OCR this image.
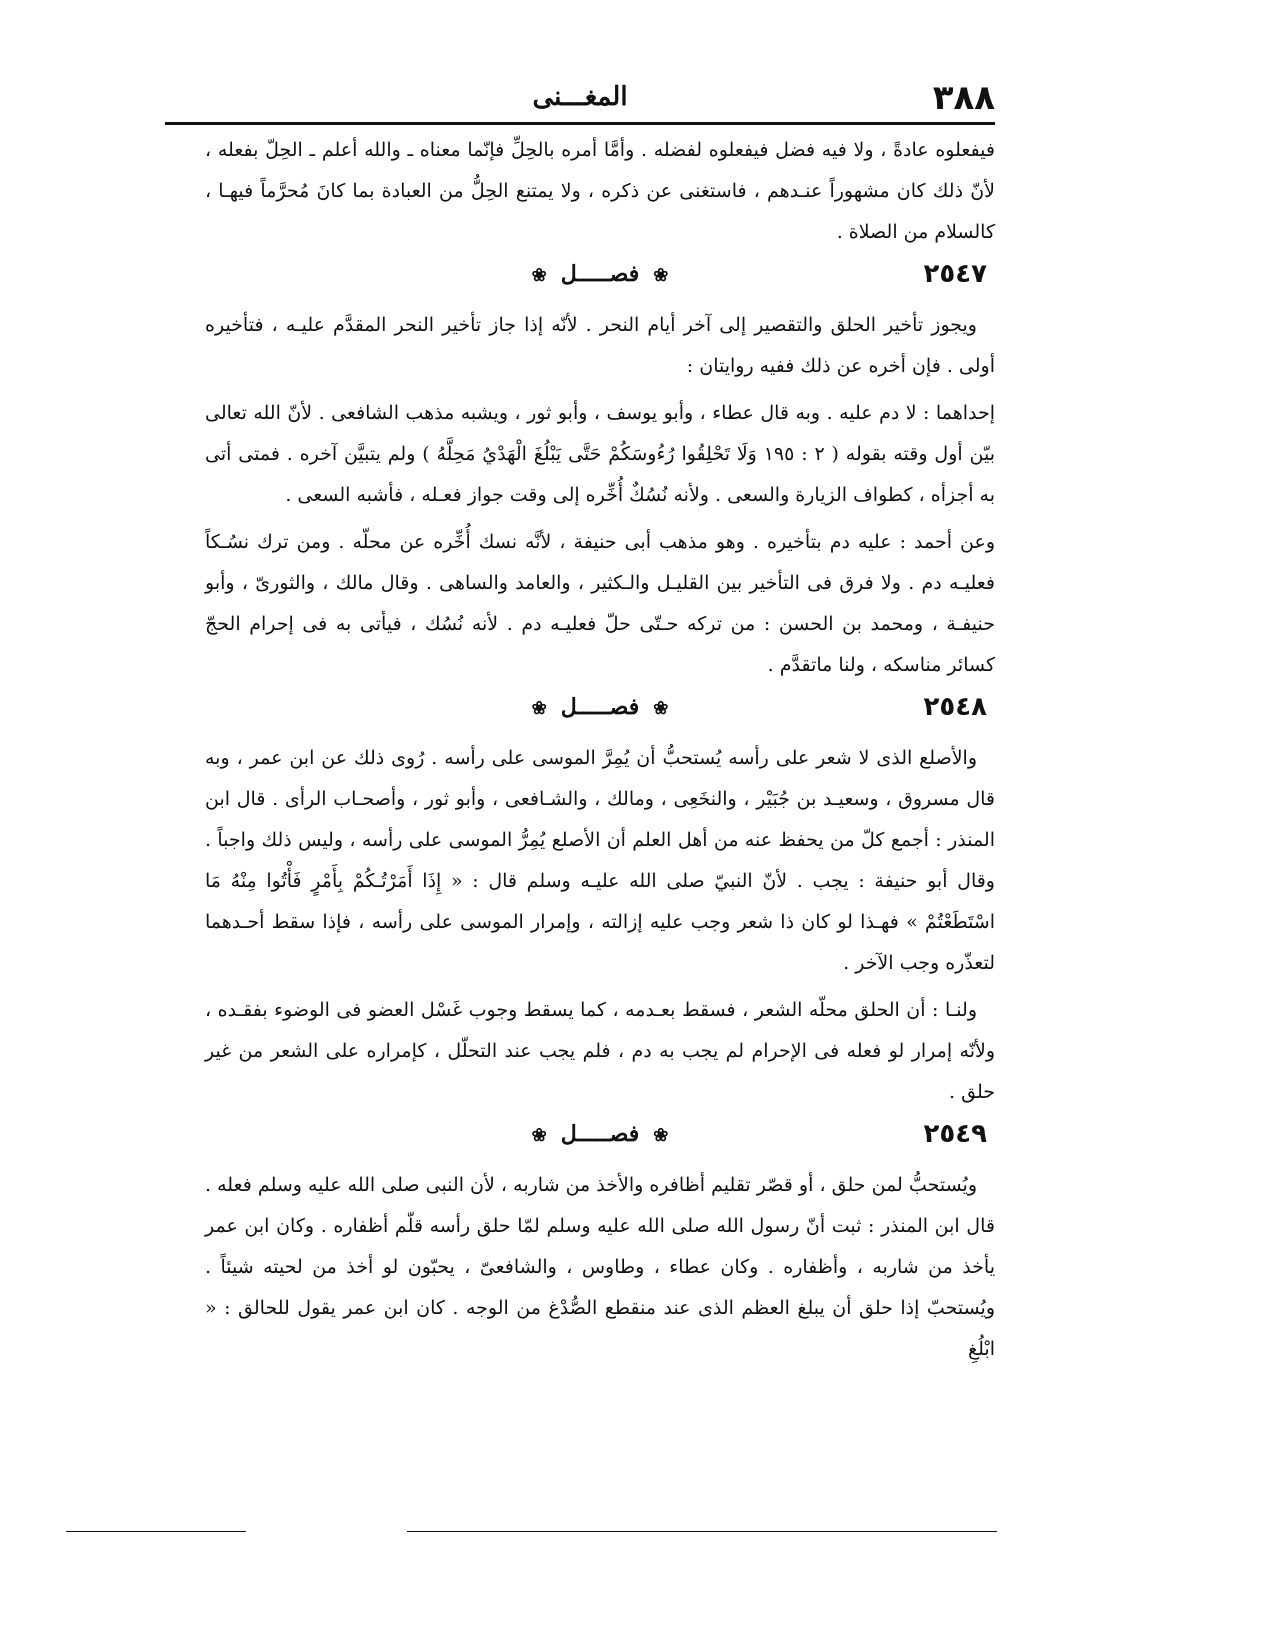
٣٨٨
المغـــنى

فيفعلوه عادةً ، ولا فيه فضل فيفعلوه لفضله . وأمَّا أمره بالحِلِّ فإنّما معناه ـ والله أعلم ـ الحِلّ بفعله ، لأنّ ذلك كان مشهوراً عنـدهم ، فاستغنى عن ذكره ، ولا يمتنع الحِلُّ من العبادة بما كانَ مُحرَّماً فيهـا ، كالسلام من الصلاة .

٢٥٤٧
❀فصـــــل❀

ويجوز تأخير الحلق والتقصير إلى آخر أيام النحر . لأنّه إذا جاز تأخير النحر المقدَّم عليـه ، فتأخيره أولى . فإن أخره عن ذلك ففيه روايتان :

إحداهما : لا دم عليه . وبه قال عطاء ، وأبو يوسف ، وأبو ثور ، ويشبه مذهب الشافعى . لأنّ الله تعالى بيّن أول وقته بقوله ( ٢ : ١٩٥ وَلَا تَحْلِقُوا رُءُوسَكُمْ حَتَّى يَبْلُغَ الْهَدْيُ مَحِلَّهُ ) ولم يتبيَّن آخره . فمتى أتى به أجزأه ، كطواف الزيارة والسعى . ولأنه نُسُكٌ أُخِّره إلى وقت جواز فعـله ، فأشبه السعى .

وعن أحمد : عليه دم بتأخيره . وهو مذهب أبى حنيفة ، لأنَّه نسك أُخِّره عن محلّه . ومن ترك نسُـكاً فعليـه دم . ولا فرق فى التأخير بين القليـل والـكثير ، والعامد والساهى . وقال مالك ، والثورىّ ، وأبو حنيفـة ، ومحمد بن الحسن : من تركه حـتّى حلّ فعليـه دم . لأنه نُسُك ، فيأتى به فى إحرام الحجّ كسائر مناسكه ، ولنا ماتقدَّم .

٢٥٤٨
❀فصـــــل❀

والأصلع الذى لا شعر على رأسه يُستحبُّ أن يُمِرَّ الموسى على رأسه . رُوى ذلك عن ابن عمر ، وبه قال مسروق ، وسعيـد بن جُبَيْر ، والنخَعِى ، ومالك ، والشـافعى ، وأبو ثور ، وأصحـاب الرأى . قال ابن المنذر : أجمع كلّ من يحفظ عنه من أهل العلم أن الأصلع يُمِرُّ الموسى على رأسه ، وليس ذلك واجباً . وقال أبو حنيفة : يجب . لأنّ النبيّ صلى الله عليـه وسلم قال : « إِذَا أَمَرْتُـكُمْ بِأَمْرٍ فَأْتُوا مِنْهُ مَا اسْتَطَعْتُمْ » فهـذا لو كان ذا شعر وجب عليه إزالته ، وإمرار الموسى على رأسه ، فإذا سقط أحـدهما لتعذّره وجب الآخر .

ولنـا : أن الحلق محلّه الشعر ، فسقط بعـدمه ، كما يسقط وجوب غَسْل العضو فى الوضوء بفقـده ، ولأنّه إمرار لو فعله فى الإحرام لم يجب به دم ، فلم يجب عند التحلّل ، كإمراره على الشعر من غير حلق .

٢٥٤٩
❀فصـــــل❀

ويُستحبُّ لمن حلق ، أو قصّر تقليم أظافره والأخذ من شاربه ، لأن النبى صلى الله عليه وسلم فعله . قال ابن المنذر : ثبت أنّ رسول الله صلى الله عليه وسلم لمّا حلق رأسه قلّم أظفاره . وكان ابن عمر يأخذ من شاربه ، وأظفاره . وكان عطاء ، وطاوس ، والشافعىّ ، يحبّون لو أخذ من لحيته شيئاً . ويُستحبّ إذا حلق أن يبلغ العظم الذى عند منقطع الصُّدْغ من الوجه . كان ابن عمر يقول للحالق : « ابْلُغِ
